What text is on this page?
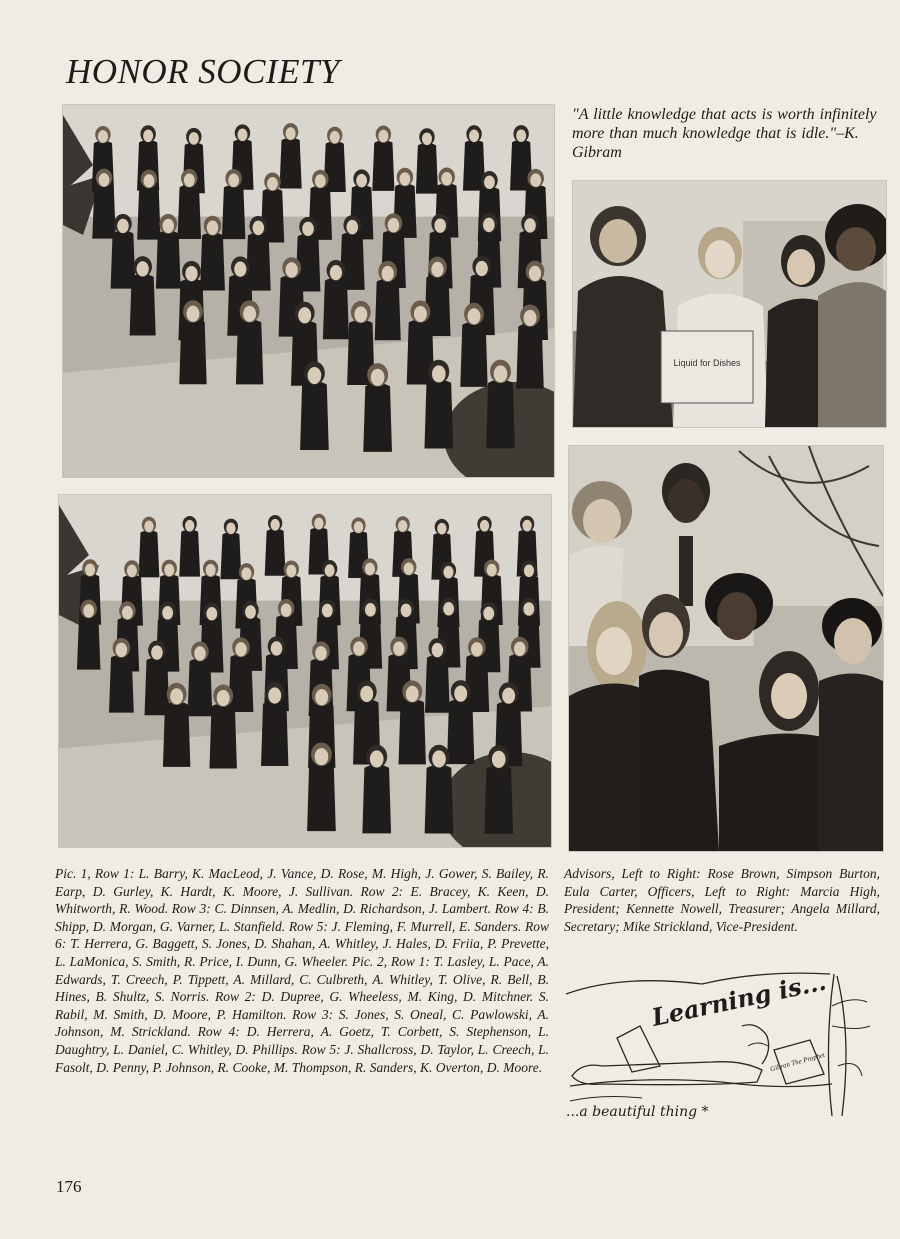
HONOR SOCIETY
"A little knowledge that acts is worth infinitely more than much knowledge that is idle."–K. Gibram
Liquid for Dishes
Pic. 1, Row 1: L. Barry, K. MacLeod, J. Vance, D. Rose, M. High, J. Gower, S. Bailey, R. Earp, D. Gurley, K. Hardt, K. Moore, J. Sullivan. Row 2: E. Bracey, K. Keen, D. Whitworth, R. Wood. Row 3: C. Dinnsen, A. Medlin, D. Richardson, J. Lambert. Row 4: B. Shipp, D. Morgan, G. Varner, L. Stanfield. Row 5: J. Fleming, F. Murrell, E. Sanders. Row 6: T. Herrera, G. Baggett, S. Jones, D. Shahan, A. Whitley, J. Hales, D. Friia, P. Prevette, L. LaMonica, S. Smith, R. Price, I. Dunn, G. Wheeler. Pic. 2, Row 1: T. Lasley, L. Pace, A. Edwards, T. Creech, P. Tippett, A. Millard, C. Culbreth, A. Whitley, T. Olive, R. Bell, B. Hines, B. Shultz, S. Norris. Row 2: D. Dupree, G. Wheeless, M. King, D. Mitchner. S. Rabil, M. Smith, D. Moore, P. Hamilton. Row 3: S. Jones, S. Oneal, C. Pawlowski, A. Johnson, M. Strickland. Row 4: D. Herrera, A. Goetz, T. Corbett, S. Stephenson, L. Daughtry, L. Daniel, C. Whitley, D. Phillips. Row 5: J. Shallcross, D. Taylor, L. Creech, L. Fasolt, D. Penny, P. Johnson, R. Cooke, M. Thompson, R. Sanders, K. Overton, D. Moore.
Advisors, Left to Right: Rose Brown, Simpson Burton, Eula Carter, Officers, Left to Right: Marcia High, President; Kennette Nowell, Treasurer; Angela Millard, Secretary; Mike Strickland, Vice-President.
Gibran The Prophet
Learning is...
...a beautiful thing *
176
